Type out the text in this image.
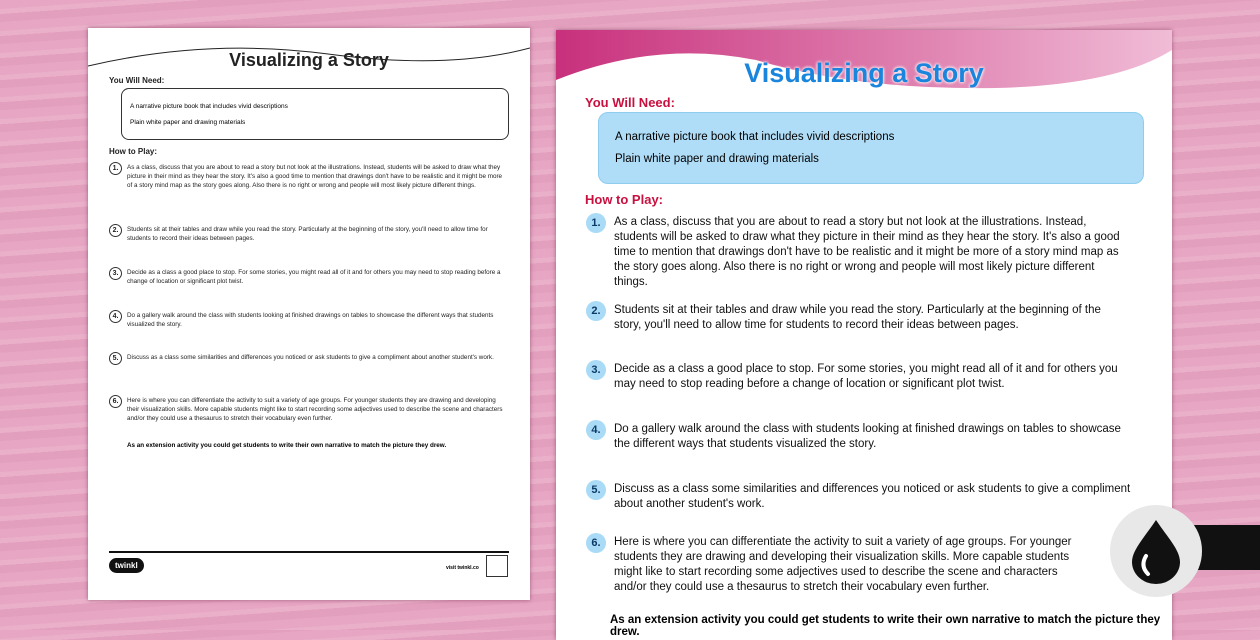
Visualizing a Story
You Will Need:
A narrative picture book that includes vivid descriptions
Plain white paper and drawing materials
How to Play:
1.	As a class, discuss that you are about to read a story but not look at the illustrations. Instead, students will be asked to draw what they picture in their mind as they hear the story. It's also a good time to mention that drawings don't have to be realistic and it might be more of a story mind map as the story goes along. Also there is no right or wrong and people will most likely picture different things.
2.	Students sit at their tables and draw while you read the story. Particularly at the beginning of the story, you'll need to allow time for students to record their ideas between pages.
3.	Decide as a class a good place to stop. For some stories, you might read all of it and for others you may need to stop reading before a change of location or significant plot twist.
4.	Do a gallery walk around the class with students looking at finished drawings on tables to showcase the different ways that students visualized the story.
5.	Discuss as a class some similarities and differences you noticed or ask students to give a compliment about another student's work.
6.	Here is where you can differentiate the activity to suit a variety of age groups. For younger students they are drawing and developing their visualization skills. More capable students might like to start recording some adjectives used to describe the scene and characters and/or they could use a thesaurus to stretch their vocabulary even further.
As an extension activity you could get students to write their own narrative to match the picture they drew.
twinkl	visit twinkl.co
Visualizing a Story
You Will Need:
A narrative picture book that includes vivid descriptions
Plain white paper and drawing materials
How to Play:
1.	As a class, discuss that you are about to read a story but not look at the illustrations. Instead, students will be asked to draw what they picture in their mind as they hear the story. It's also a good time to mention that drawings don't have to be realistic and it might be more of a story mind map as the story goes along. Also there is no right or wrong and people will most likely picture different things.
2.	Students sit at their tables and draw while you read the story. Particularly at the beginning of the story, you'll need to allow time for students to record their ideas between pages.
3.	Decide as a class a good place to stop. For some stories, you might read all of it and for others you may need to stop reading before a change of location or significant plot twist.
4.	Do a gallery walk around the class with students looking at finished drawings on tables to showcase the different ways that students visualized the story.
5.	Discuss as a class some similarities and differences you noticed or ask students to give a compliment about another student's work.
6.	Here is where you can differentiate the activity to suit a variety of age groups. For younger students they are drawing and developing their visualization skills. More capable students might like to start recording some adjectives used to describe the scene and characters and/or they could use a thesaurus to stretch their vocabulary even further.
As an extension activity you could get students to write their own narrative to match the picture they drew.
